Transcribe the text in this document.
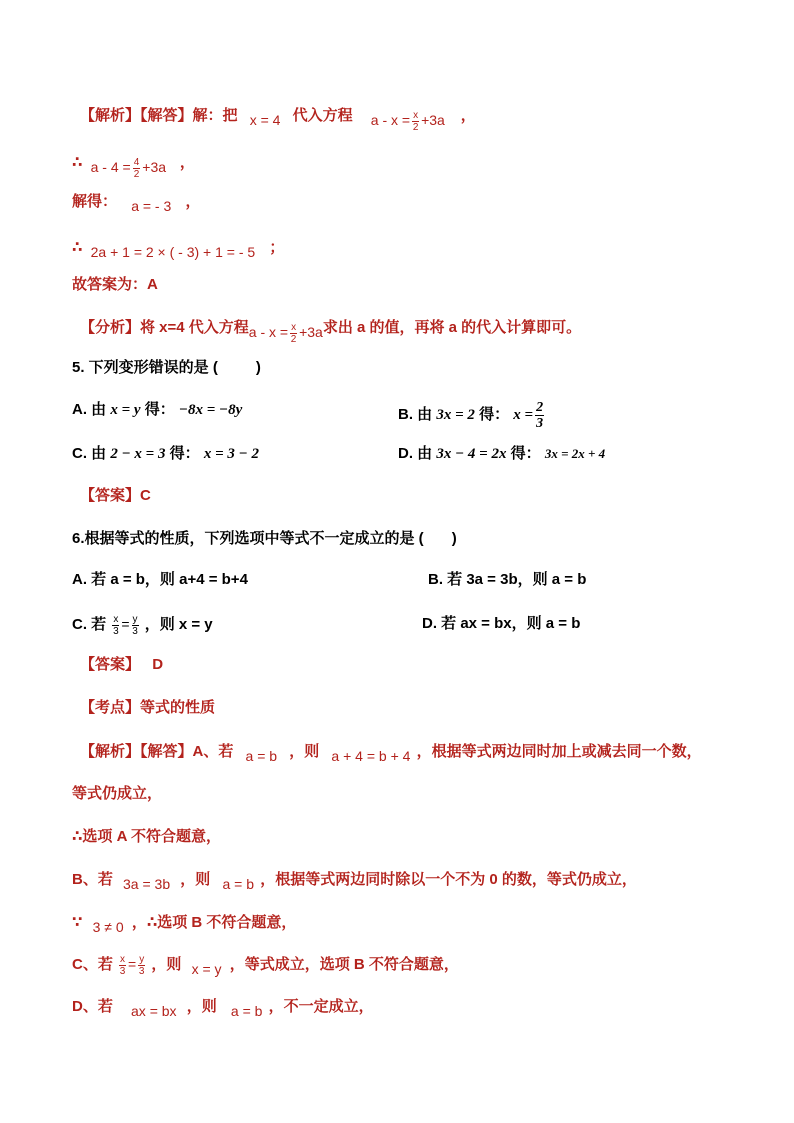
【解析】【解答】解：把 x = 4 代入方程 $a - x = \frac{x}{2} +3a$ ，
∴ $a - 4 = \frac{4}{2} +3a$ ，
解得： a = - 3 ，
∴ 2a + 1 = 2 × ( - 3) + 1 = - 5 ；
故答案为：A
【分析】将 x=4 代入方程$a - x = \frac{x}{2} +3a$求出 a 的值，再将 a 的代入计算即可。
5. 下列变形错误的是 (	)
A. 由 x = y 得： −8x = −8y	B. 由 3x = 2 得： $x = \frac{2}{3}$
C. 由 2 − x = 3 得： x = 3 − 2	D. 由 3x − 4 = 2x 得： 3x = 2x + 4
【答案】C
6.根据等式的性质，下列选项中等式不一定成立的是 ( )
A. 若 a = b，则 a+4 = b+4	B. 若 3a = 3b，则 a = b
C. 若 $\frac{x}{3} = \frac{y}{3}$ ，则 x = y	D. 若 ax = bx，则 a = b
【答案】 D
【考点】等式的性质
【解析】【解答】A、若 a = b ，则 a + 4 = b + 4 ，根据等式两边同时加上或减去同一个数，
等式仍成立，
∴选项 A 不符合题意，
B、若 3a = 3b ，则 a = b ，根据等式两边同时除以一个不为 0 的数，等式仍成立，
∵ 3 ≠ 0 ，∴选项 B 不符合题意，
C、若 $\frac{x}{3} = \frac{y}{3}$ ，则 x = y ，等式成立，选项 B 不符合题意，
D、若 ax = bx ，则 a = b ，不一定成立，
